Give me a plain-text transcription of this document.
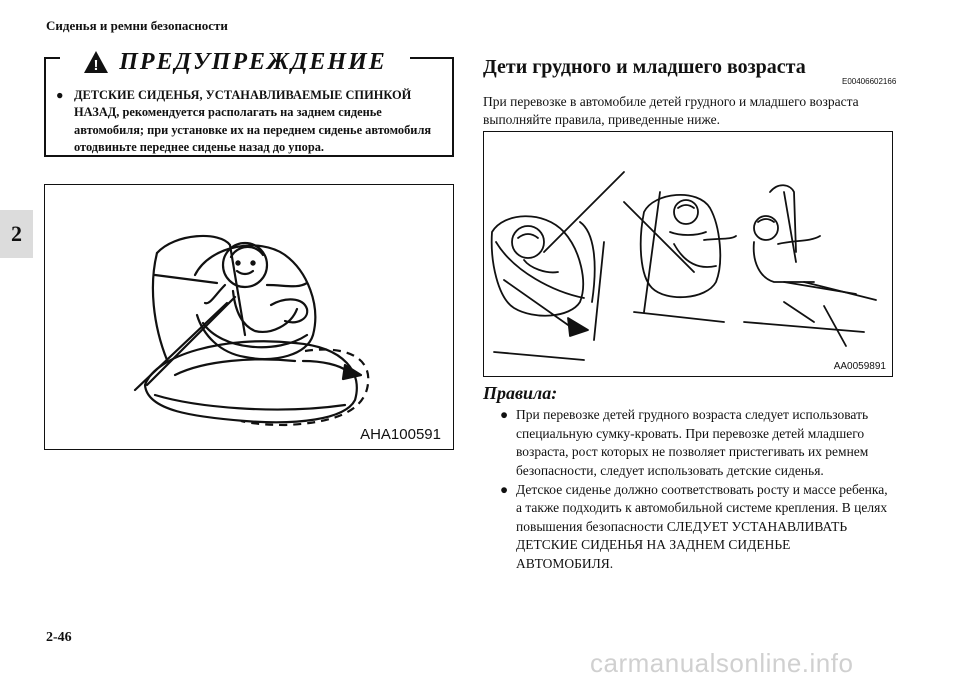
Сиденья и ремни безопасности
2
! ПРЕДУПРЕЖДЕНИЕ
● ДЕТСКИЕ СИДЕНЬЯ, УСТАНАВЛИВАЕМЫЕ СПИНКОЙ
НАЗАД, рекомендуется располагать на заднем сиденье
автомобиля; при установке их на переднем сиденье автомобиля
отодвиньте переднее сиденье назад до упора.
AHA100591
Дети грудного и младшего возраста
E00406602166
При перевозке в автомобиле детей грудного и младшего возраста
выполняйте правила, приведенные ниже.
AA0059891
Правила:
● При перевозке детей грудного возраста следует использовать
специальную сумку-кровать. При перевозке детей младшего
возраста, рост которых не позволяет пристегивать их ремнем
безопасности, следует использовать детские сиденья.
● Детское сиденье должно соответствовать росту и массе ребенка,
а также подходить к автомобильной системе крепления. В целях
повышения безопасности СЛЕДУЕТ УСТАНАВЛИВАТЬ
ДЕТСКИЕ СИДЕНЬЯ НА ЗАДНЕМ СИДЕНЬЕ
АВТОМОБИЛЯ.
2-46
carmanualsonline.info
